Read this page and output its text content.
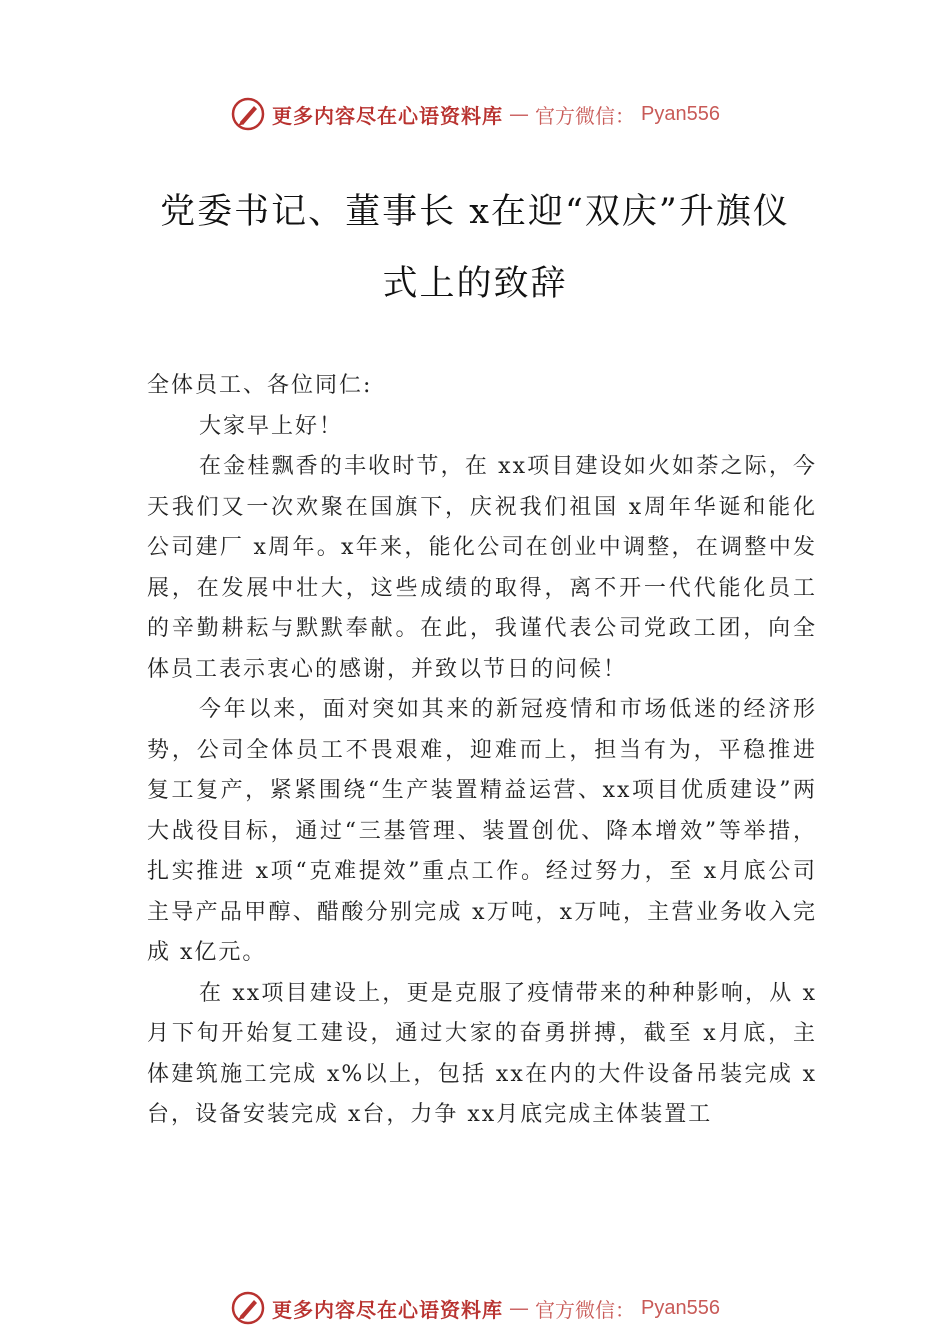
更多内容尽在心语资料库 — 官方微信： Pyan556
党委书记、董事长 x在迎“双庆”升旗仪
式上的致辞

全体员工、各位同仁:

大家早上好！

在金桂飘香的丰收时节，在 xx项目建设如火如荼之际，今天我们又一次欢聚在国旗下，庆祝我们祖国 x周年华诞和能化公司建厂 x周年。x年来，能化公司在创业中调整，在调整中发展，在发展中壮大，这些成绩的取得，离不开一代代能化员工的辛勤耕耘与默默奉献。在此，我谨代表公司党政工团，向全体员工表示衷心的感谢，并致以节日的问候！

今年以来，面对突如其来的新冠疫情和市场低迷的经济形势，公司全体员工不畏艰难，迎难而上，担当有为，平稳推进复工复产，紧紧围绕“生产装置精益运营、xx项目优质建设”两大战役目标，通过“三基管理、装置创优、降本增效”等举措，扎实推进 x项“克难提效”重点工作。经过努力，至 x月底公司主导产品甲醇、醋酸分别完成 x万吨，x万吨，主营业务收入完成 x亿元。

在 xx项目建设上，更是克服了疫情带来的种种影响，从 x月下旬开始复工建设，通过大家的奋勇拼搏，截至 x月底，主体建筑施工完成 x%以上，包括 xx在内的大件设备吊装完成 x台，设备安装完成 x台，力争 xx月底完成主体装置工

更多内容尽在心语资料库 — 官方微信： Pyan556
